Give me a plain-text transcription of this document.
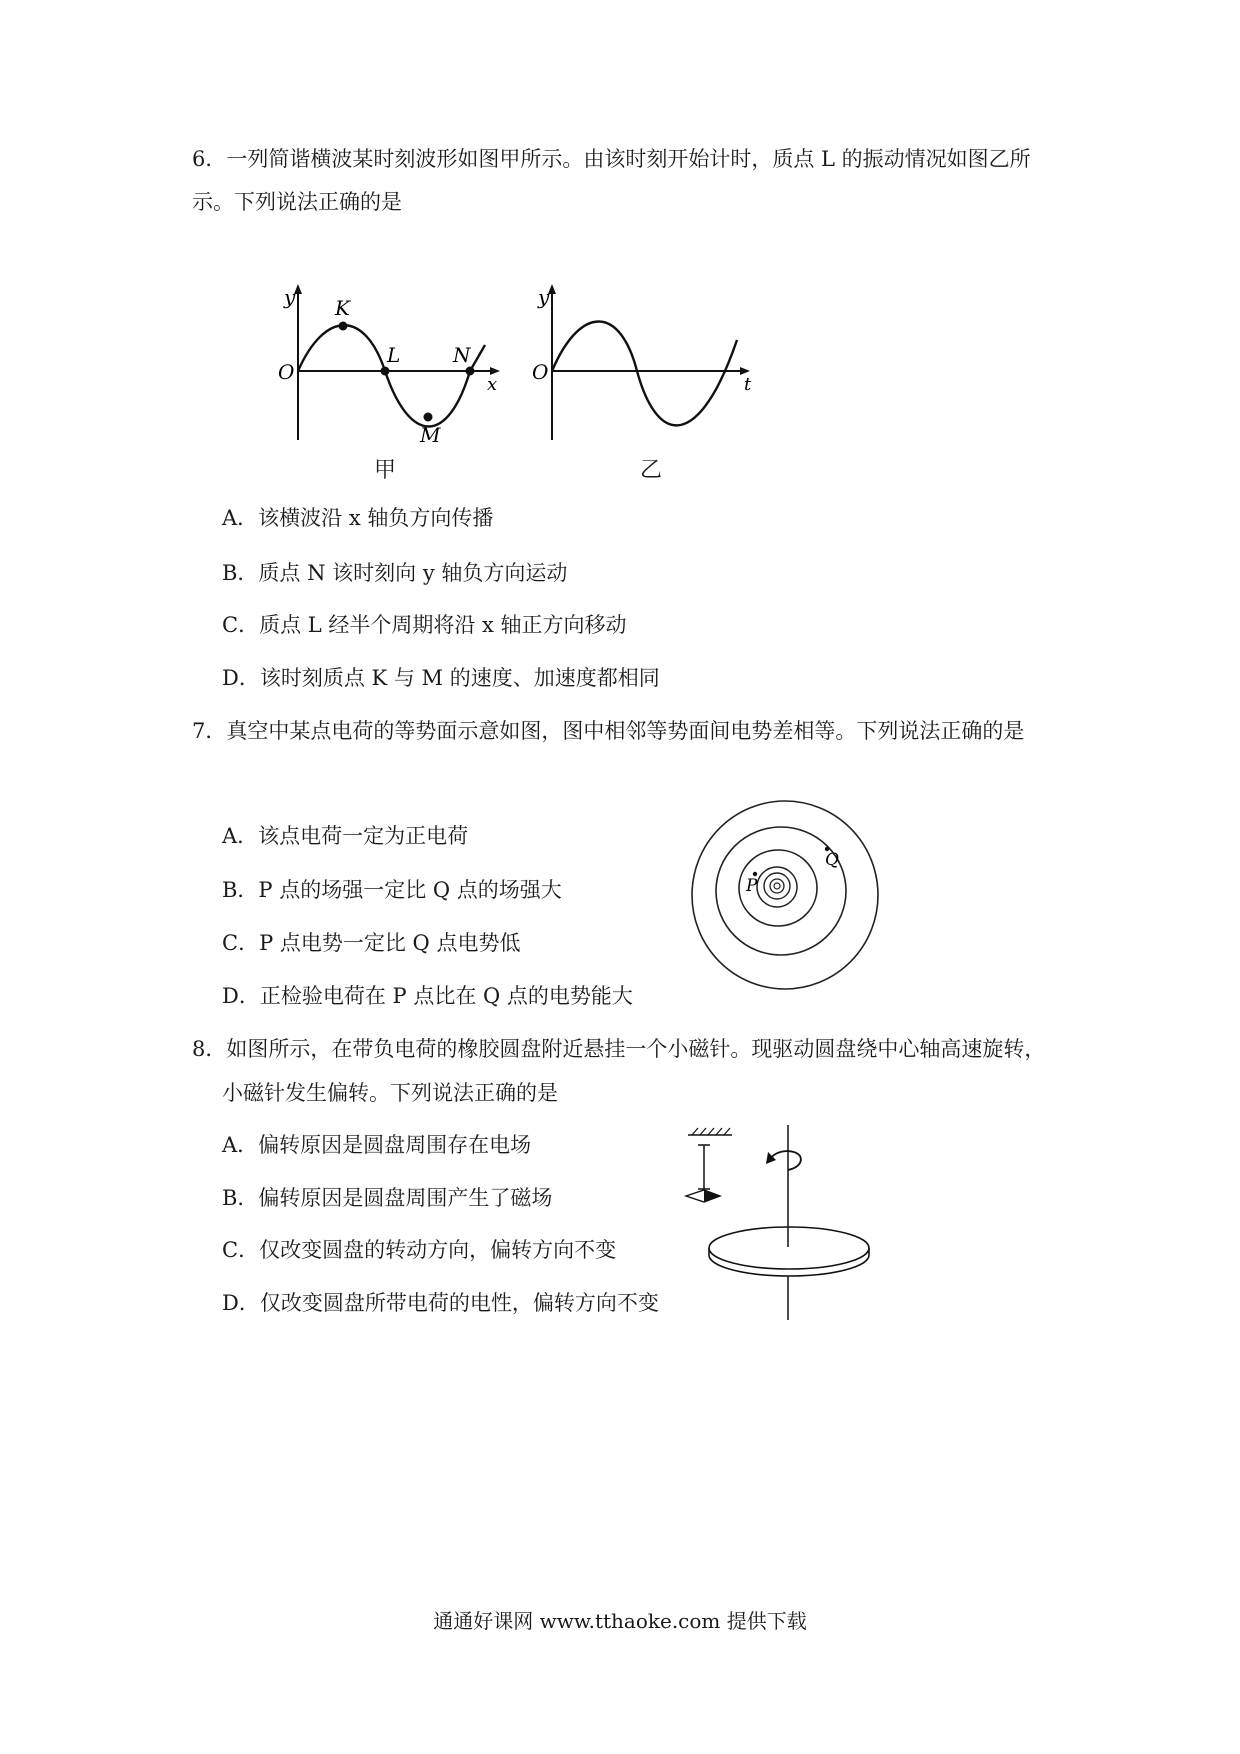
6．一列简谐横波某时刻波形如图甲所示。由该时刻开始计时，质点 L 的振动情况如图乙所
示。下列说法正确的是
y
O
x
K
L	N
M
甲
y
O
t
乙
A．该横波沿 x 轴负方向传播
B．质点 N 该时刻向 y 轴负方向运动
C．质点 L 经半个周期将沿 x 轴正方向移动
D．该时刻质点 K 与 M 的速度、加速度都相同
7．真空中某点电荷的等势面示意如图，图中相邻等势面间电势差相等。下列说法正确的是
P
Q
A．该点电荷一定为正电荷
B．P 点的场强一定比 Q 点的场强大
C．P 点电势一定比 Q 点电势低
D．正检验电荷在 P 点比在 Q 点的电势能大
8．如图所示，在带负电荷的橡胶圆盘附近悬挂一个小磁针。现驱动圆盘绕中心轴高速旋转，
小磁针发生偏转。下列说法正确的是
A．偏转原因是圆盘周围存在电场
B．偏转原因是圆盘周围产生了磁场
C．仅改变圆盘的转动方向，偏转方向不变
D．仅改变圆盘所带电荷的电性，偏转方向不变
通通好课网 www.tthaoke.com 提供下载
